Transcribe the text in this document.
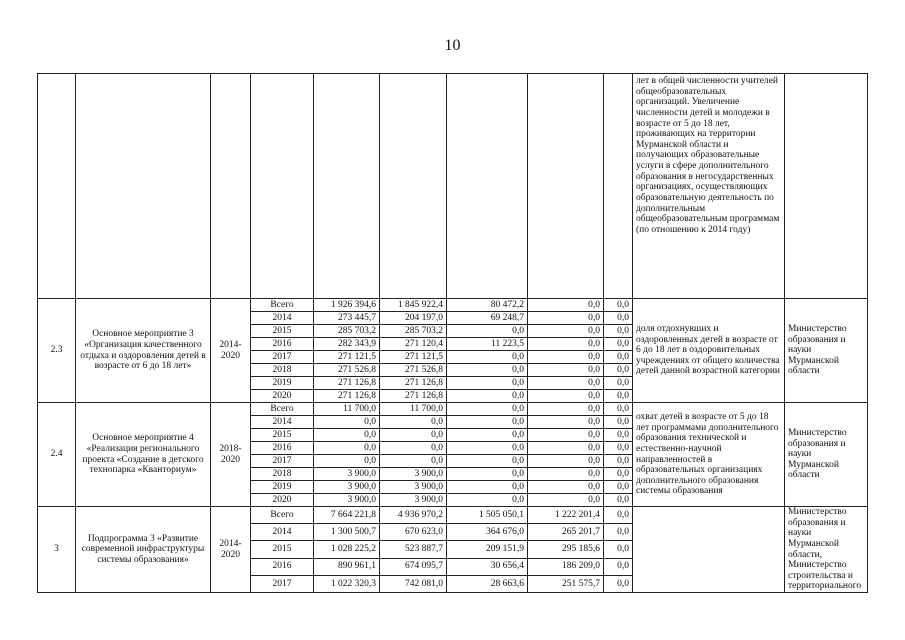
10

									лет в общей численности учителей общеобразовательных организаций. Увеличение численности детей и молодежи в возрасте от 5 до 18 лет, проживающих на территории Мурманской области и получающих образовательные услуги в сфере дополнительного образования в негосударственных организациях, осуществляющих образовательную деятельность по дополнительным общеобразовательным программам (по отношению к 2014 году)	

2.3	Основное мероприятие 3 «Организация качественного отдыха и оздоровления детей в возрасте от 6 до 18 лет»	2014-2020	Всего	1 926 394,6	1 845 922,4	80 472,2	0,0	0,0	доля отдохнувших и оздоровленных детей в возрасте от 6 до 18 лет в оздоровительных учреждениях от общего количества детей данной возрастной категории	Министерство образования и науки Мурманской области
			2014	273 445,7	204 197,0	69 248,7	0,0	0,0		
			2015	285 703,2	285 703,2	0,0	0,0	0,0		
			2016	282 343,9	271 120,4	11 223,5	0,0	0,0		
			2017	271 121,5	271 121,5	0,0	0,0	0,0		
			2018	271 526,8	271 526,8	0,0	0,0	0,0		
			2019	271 126,8	271 126,8	0,0	0,0	0,0		
			2020	271 126,8	271 126,8	0,0	0,0	0,0		
2.4	Основное мероприятие 4 «Реализация регионального проекта «Создание в детского технопарка «Кванториум»	2018-2020	Всего	11 700,0	11 700,0	0,0	0,0	0,0	охват детей в возрасте от 5 до 18 лет программами дополнительного образования технической и естественно-научной направленностей в образовательных организациях дополнительного образования системы образования	Министерство образования и науки Мурманской области
			2014	0,0	0,0	0,0	0,0	0,0		
			2015	0,0	0,0	0,0	0,0	0,0		
			2016	0,0	0,0	0,0	0,0	0,0		
			2017	0,0	0,0	0,0	0,0	0,0		
			2018	3 900,0	3 900,0	0,0	0,0	0,0		
			2019	3 900,0	3 900,0	0,0	0,0	0,0		
			2020	3 900,0	3 900,0	0,0	0,0	0,0		
3	Подпрограмма 3 «Развитие современной инфраструктуры системы образования»	2014-2020	Всего	7 664 221,8	4 936 970,2	1 505 050,1	1 222 201,4	0,0		Министерство образования и науки Мурманской области, Министерство строительства и территориального
			2014	1 300 500,7	670 623,0	364 676,0	265 201,7	0,0		
			2015	1 028 225,2	523 887,7	209 151,9	295 185,6	0,0		
			2016	890 961,1	674 095,7	30 656,4	186 209,0	0,0		
			2017	1 022 320,3	742 081,0	28 663,6	251 575,7	0,0		
